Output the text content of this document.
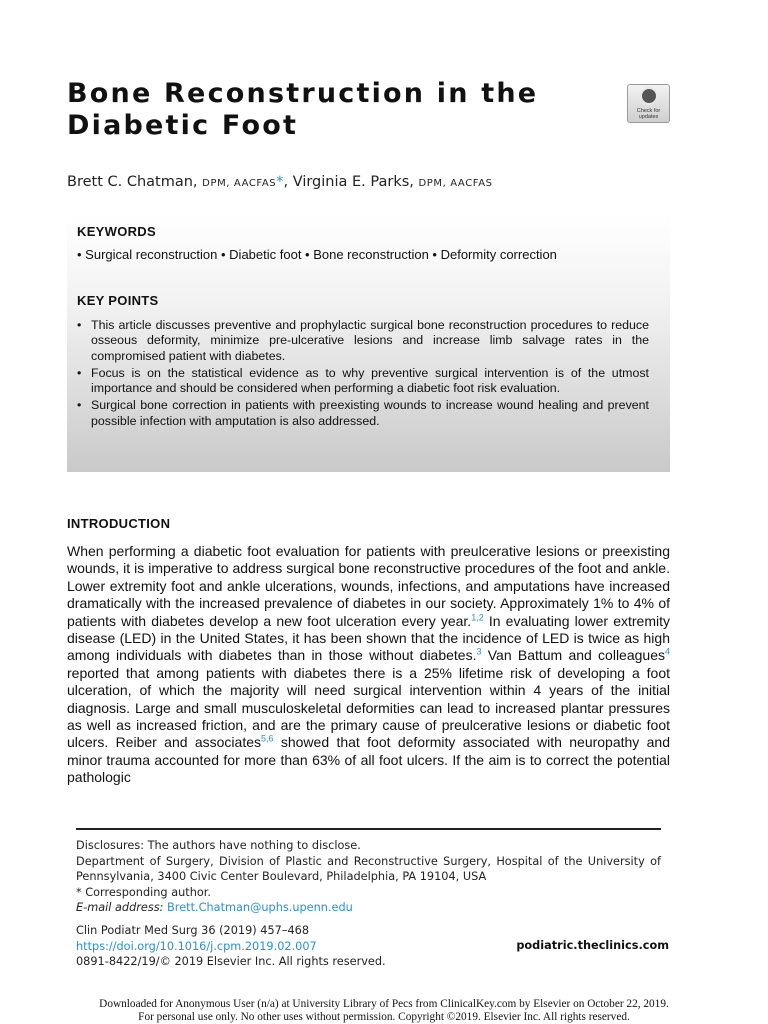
Bone Reconstruction in the Diabetic Foot	Check for updates

Brett C. Chatman, DPM, AACFAS*, Virginia E. Parks, DPM, AACFAS

KEYWORDS

• Surgical reconstruction • Diabetic foot • Bone reconstruction • Deformity correction

KEY POINTS
• This article discusses preventive and prophylactic surgical bone reconstruction procedures to reduce osseous deformity, minimize pre-ulcerative lesions and increase limb salvage rates in the compromised patient with diabetes.
• Focus is on the statistical evidence as to why preventive surgical intervention is of the utmost importance and should be considered when performing a diabetic foot risk evaluation.
• Surgical bone correction in patients with preexisting wounds to increase wound healing and prevent possible infection with amputation is also addressed.
INTRODUCTION

When performing a diabetic foot evaluation for patients with preulcerative lesions or preexisting wounds, it is imperative to address surgical bone reconstructive procedures of the foot and ankle. Lower extremity foot and ankle ulcerations, wounds, infections, and amputations have increased dramatically with the increased prevalence of diabetes in our society. Approximately 1% to 4% of patients with diabetes develop a new foot ulceration every year.$^{1,2}$ In evaluating lower extremity disease (LED) in the United States, it has been shown that the incidence of LED is twice as high among individuals with diabetes than in those without diabetes.$^3$ Van Battum and colleagues$^4$ reported that among patients with diabetes there is a 25% lifetime risk of developing a foot ulceration, of which the majority will need surgical intervention within 4 years of the initial diagnosis. Large and small musculoskeletal deformities can lead to increased plantar pressures as well as increased friction, and are the primary cause of preulcerative lesions or diabetic foot ulcers. Reiber and associates$^{5,6}$ showed that foot deformity associated with neuropathy and minor trauma accounted for more than 63% of all foot ulcers. If the aim is to correct the potential pathologic

Disclosures: The authors have nothing to disclose.

Department of Surgery, Division of Plastic and Reconstructive Surgery, Hospital of the University of Pennsylvania, 3400 Civic Center Boulevard, Philadelphia, PA 19104, USA

* Corresponding author.

E-mail address: Brett.Chatman@uphs.upenn.edu

Clin Podiatr Med Surg 36 (2019) 457–468

https://doi.org/10.1016/j.cpm.2019.02.007

0891-8422/19/© 2019 Elsevier Inc. All rights reserved.

podiatric.theclinics.com

Downloaded for Anonymous User (n/a) at University Library of Pecs from ClinicalKey.com by Elsevier on October 22, 2019.

For personal use only. No other uses without permission. Copyright ©2019. Elsevier Inc. All rights reserved.
